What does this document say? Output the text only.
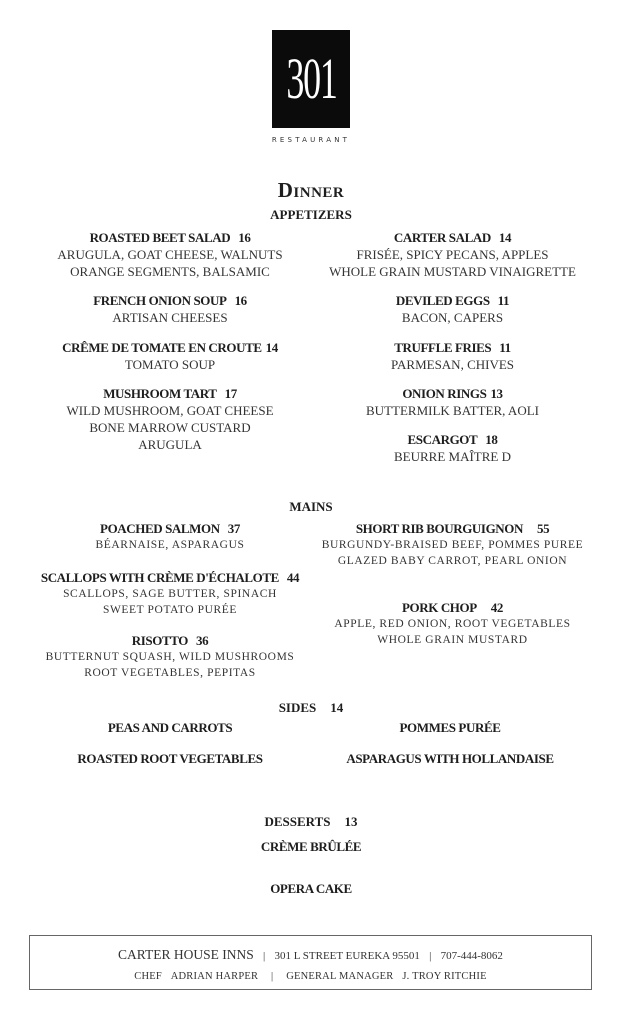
301
RESTAURANT
Dinner
APPETIZERS
ROASTED BEET SALAD 16
ARUGULA, GOAT CHEESE, WALNUTS
ORANGE SEGMENTS, BALSAMIC
FRENCH ONION SOUP 16
ARTISAN CHEESES
CRÊME DE TOMATE EN CROUTE 14
TOMATO SOUP
MUSHROOM TART 17
WILD MUSHROOM, GOAT CHEESE
BONE MARROW CUSTARD
ARUGULA
CARTER SALAD 14
FRISÉE, SPICY PECANS, APPLES
WHOLE GRAIN MUSTARD VINAIGRETTE
DEVILED EGGS 11
BACON, CAPERS
TRUFFLE FRIES 11
PARMESAN, CHIVES
ONION RINGS 13
BUTTERMILK BATTER, AOLI
ESCARGOT 18
BEURRE MAÎTRE D
MAINS
POACHED SALMON 37
BÉARNAISE, ASPARAGUS
SCALLOPS WITH CRÈME D'ÉCHALOTE 44
SCALLOPS, SAGE BUTTER, SPINACH
SWEET POTATO PURÉE
RISOTTO 36
BUTTERNUT SQUASH, WILD MUSHROOMS
ROOT VEGETABLES, PEPITAS
SHORT RIB BOURGUIGNON 55
BURGUNDY-BRAISED BEEF, POMMES PUREE
GLAZED BABY CARROT, PEARL ONION
PORK CHOP 42
APPLE, RED ONION, ROOT VEGETABLES
WHOLE GRAIN MUSTARD
SIDES 14
PEAS AND CARROTS	POMMES PURÉE
ROASTED ROOT VEGETABLES	ASPARAGUS WITH HOLLANDAISE
DESSERTS 13
CRÈME BRÛLÉE
OPERA CAKE
CARTER HOUSE INNS | 301 L STREET EUREKA 95501 | 707-444-8062
CHEF ADRIAN HARPER | GENERAL MANAGER J. TROY RITCHIE
